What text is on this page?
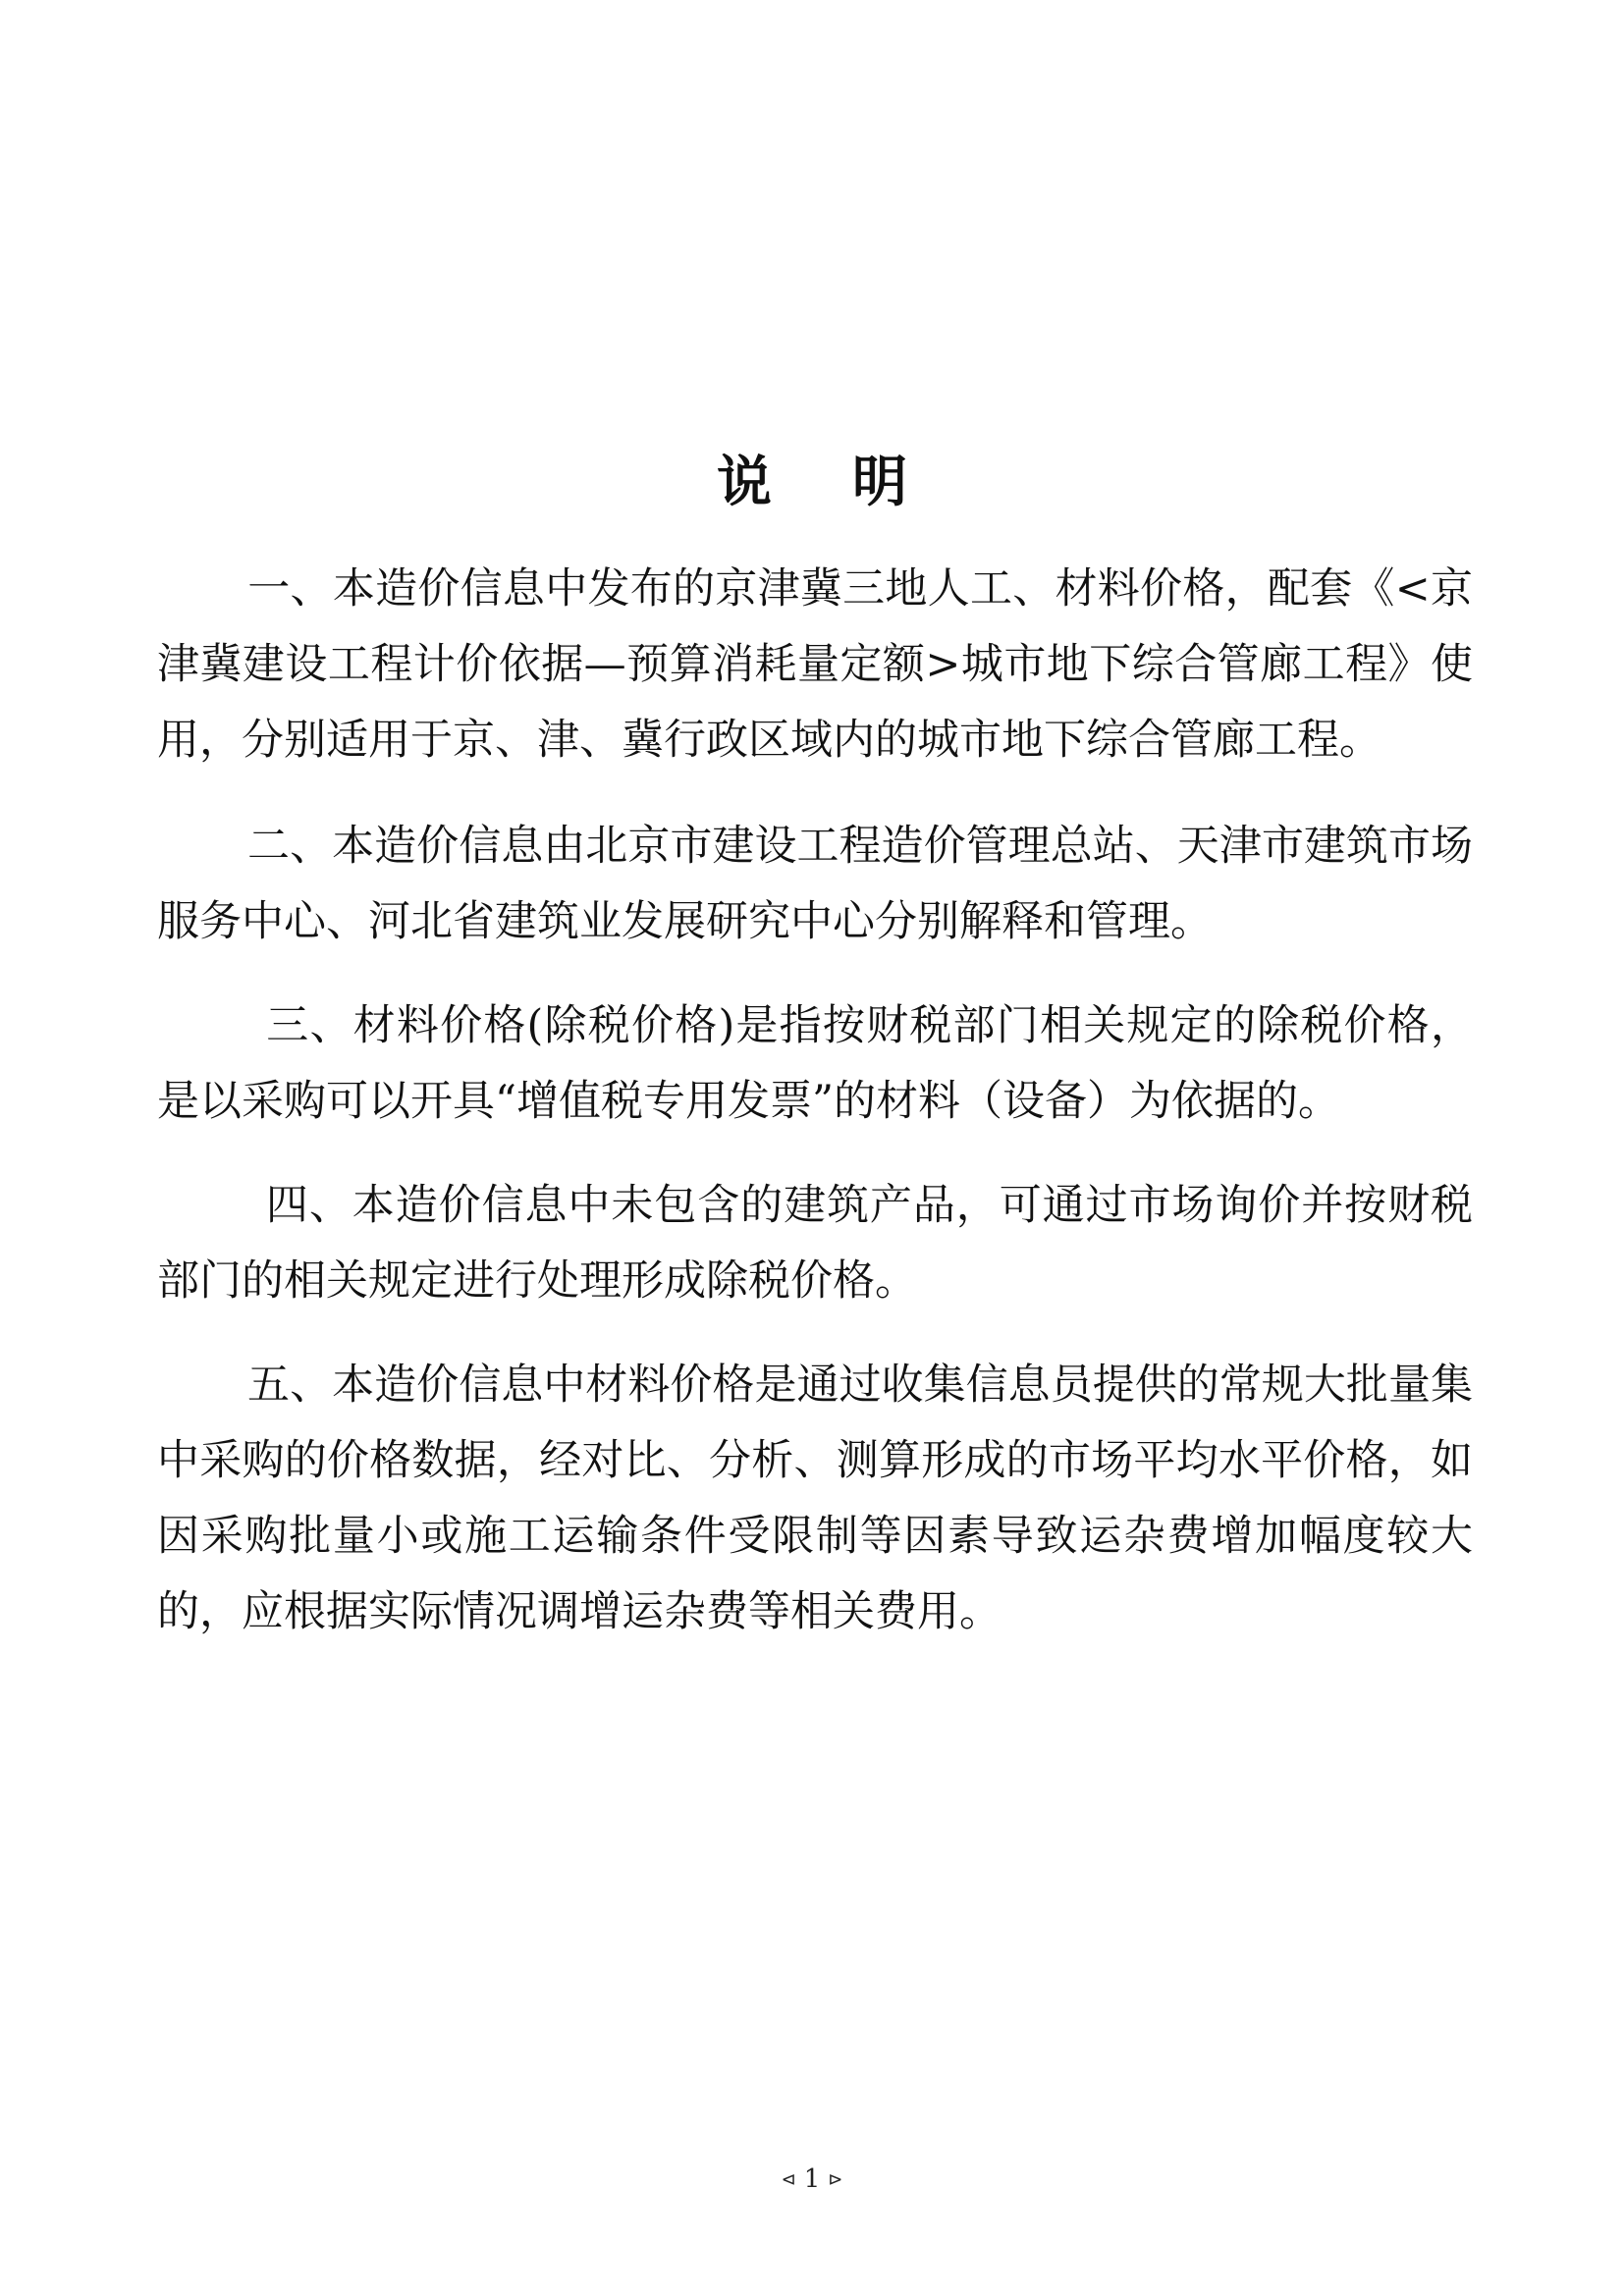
说明

一、本造价信息中发布的京津冀三地人工、材料价格，配套《<京津冀建设工程计价依据—预算消耗量定额>城市地下综合管廊工程》使用，分别适用于京、津、冀行政区域内的城市地下综合管廊工程。

二、本造价信息由北京市建设工程造价管理总站、天津市建筑市场服务中心、河北省建筑业发展研究中心分别解释和管理。

三、材料价格(除税价格)是指按财税部门相关规定的除税价格，是以采购可以开具“增值税专用发票”的材料（设备）为依据的。

四、本造价信息中未包含的建筑产品，可通过市场询价并按财税部门的相关规定进行处理形成除税价格。

五、本造价信息中材料价格是通过收集信息员提供的常规大批量集中采购的价格数据，经对比、分析、测算形成的市场平均水平价格，如因采购批量小或施工运输条件受限制等因素导致运杂费增加幅度较大的，应根据实际情况调增运杂费等相关费用。

⊲ 1 ⊳
